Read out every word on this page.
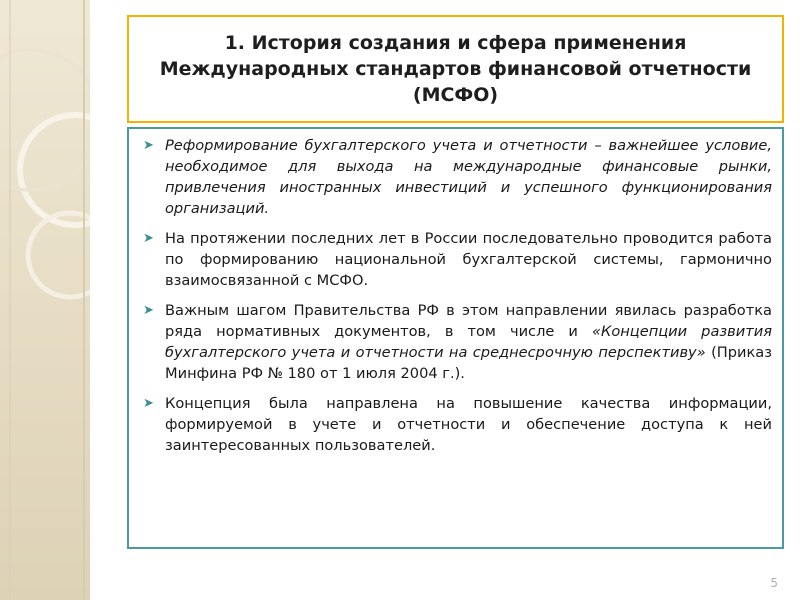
1. История создания и сфера применения Международных стандартов финансовой отчетности (МСФО)
➤ Реформирование бухгалтерского учета и отчетности – важнейшее условие, необходимое для выхода на международные финансовые рынки, привлечения иностранных инвестиций и успешного функционирования организаций.
➤ На протяжении последних лет в России последовательно проводится работа по формированию национальной бухгалтерской системы, гармонично взаимосвязанной с МСФО.
➤ Важным шагом Правительства РФ в этом направлении явилась разработка ряда нормативных документов, в том числе и «Концепции развития бухгалтерского учета и отчетности на среднесрочную перспективу» (Приказ Минфина РФ № 180 от 1 июля 2004 г.).
➤ Концепция была направлена на повышение качества информации, формируемой в учете и отчетности и обеспечение доступа к ней заинтересованных пользователей.
5
